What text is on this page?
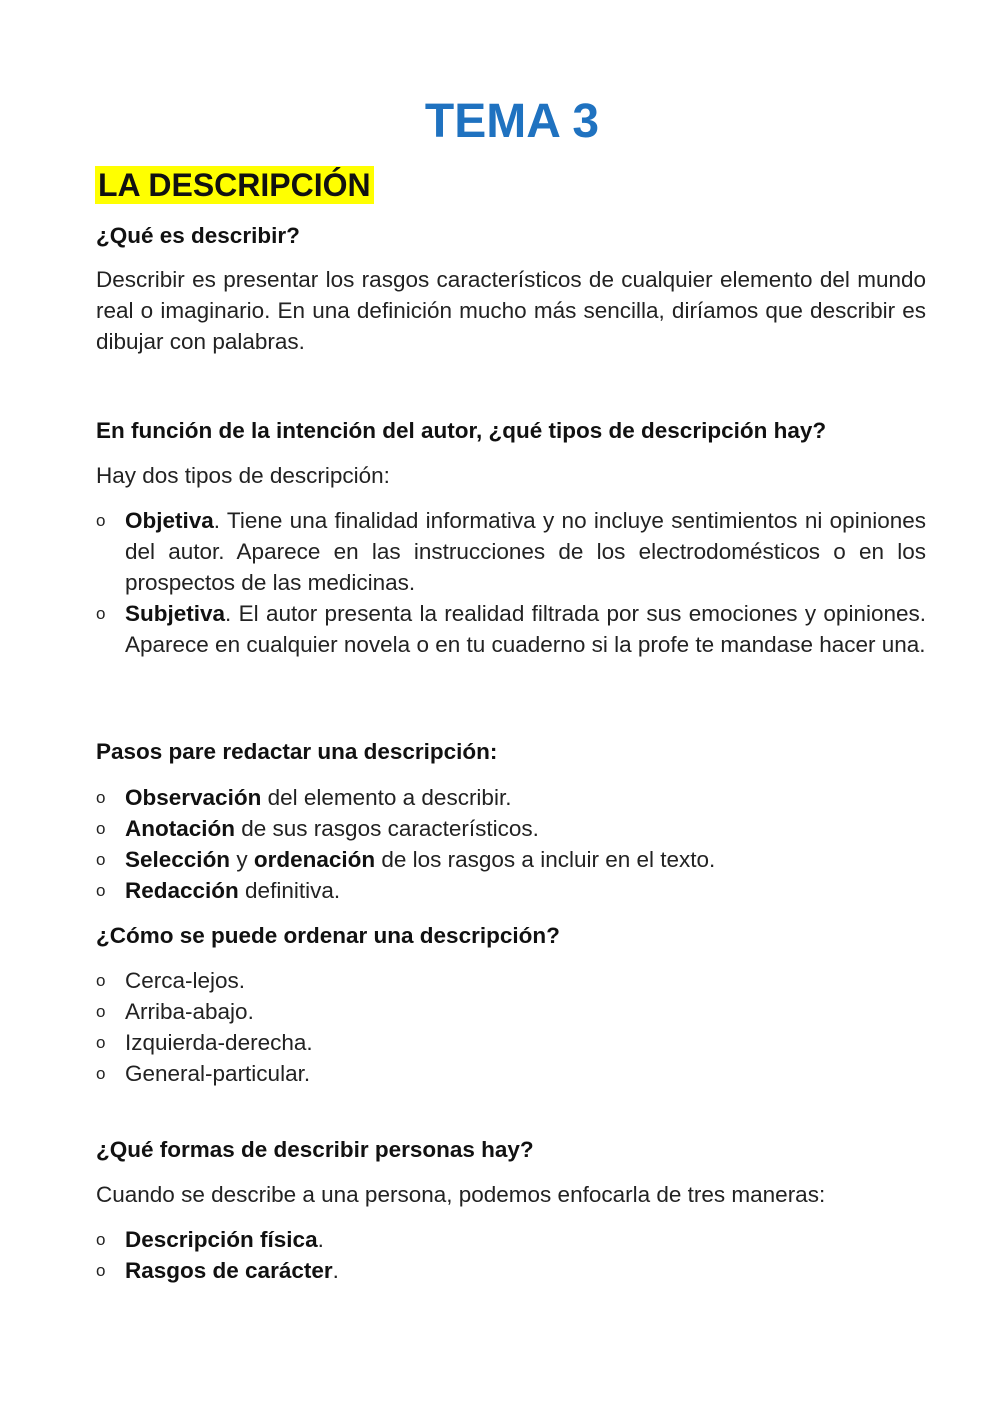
TEMA 3
LA DESCRIPCIÓN
¿Qué es describir?
Describir es presentar los rasgos característicos de cualquier elemento del mundo real o imaginario. En una definición mucho más sencilla, diríamos que describir es dibujar con palabras.
En función de la intención del autor, ¿qué tipos de descripción hay?
Hay dos tipos de descripción:
o Objetiva. Tiene una finalidad informativa y no incluye sentimientos ni opiniones del autor. Aparece en las instrucciones de los electrodomésticos o en los prospectos de las medicinas.
o Subjetiva. El autor presenta la realidad filtrada por sus emociones y opiniones. Aparece en cualquier novela o en tu cuaderno si la profe te mandase hacer una.
Pasos pare redactar una descripción:
o Observación del elemento a describir.
o Anotación de sus rasgos característicos.
o Selección y ordenación de los rasgos a incluir en el texto.
o Redacción definitiva.
¿Cómo se puede ordenar una descripción?
o Cerca-lejos.
o Arriba-abajo.
o Izquierda-derecha.
o General-particular.
¿Qué formas de describir personas hay?
Cuando se describe a una persona, podemos enfocarla de tres maneras:
o Descripción física.
o Rasgos de carácter.
